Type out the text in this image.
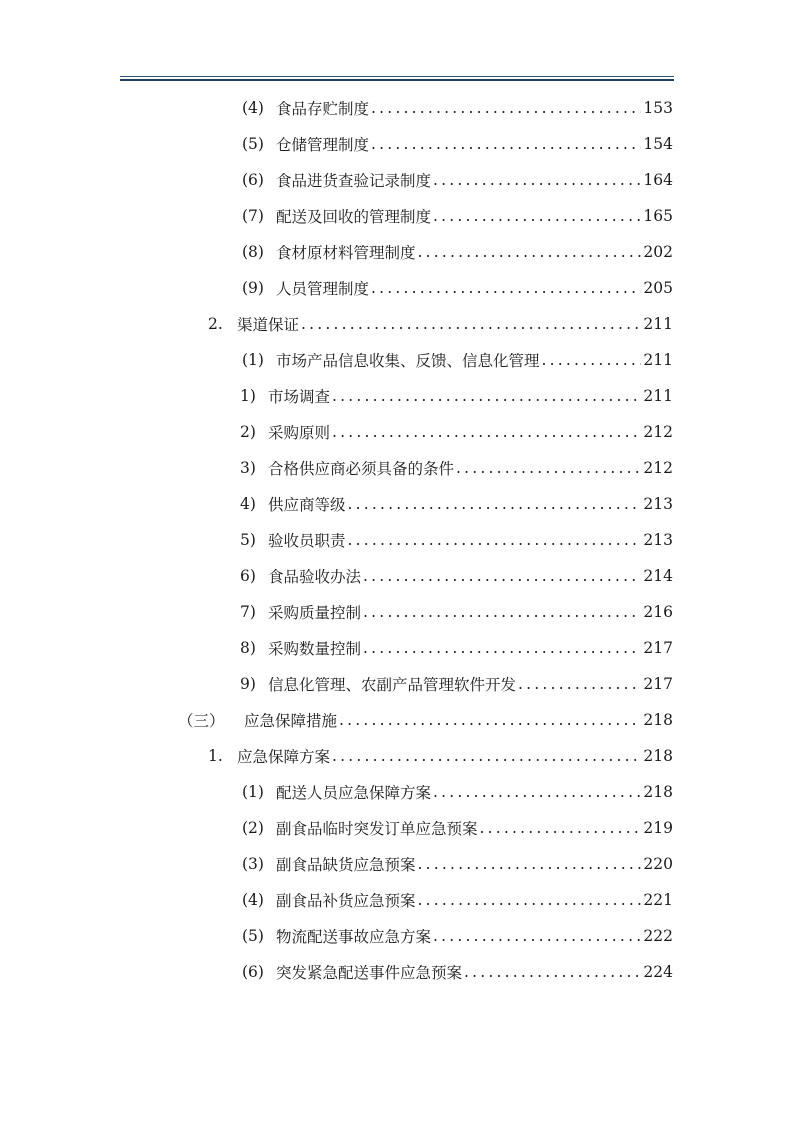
(4) 食品存贮制度 .....	153
(5) 仓储管理制度 .....	154
(6) 食品进货查验记录制度 .....	164
(7) 配送及回收的管理制度 .....	165
(8) 食材原材料管理制度 .....	202
(9) 人员管理制度 .....	205
2. 渠道保证 .....	211
(1) 市场产品信息收集、反馈、信息化管理 .....	211
1) 市场调查 .....	211
2) 采购原则 .....	212
3) 合格供应商必须具备的条件 .....	212
4) 供应商等级 .....	213
5) 验收员职责 .....	213
6) 食品验收办法 .....	214
7) 采购质量控制 .....	216
8) 采购数量控制 .....	217
9) 信息化管理、农副产品管理软件开发 .....	217
（三）	应急保障措施 .....	218
1. 应急保障方案 .....	218
(1) 配送人员应急保障方案 .....	218
(2) 副食品临时突发订单应急预案 .....	219
(3) 副食品缺货应急预案 .....	220
(4) 副食品补货应急预案 .....	221
(5) 物流配送事故应急方案 .....	222
(6) 突发紧急配送事件应急预案 .....	224
